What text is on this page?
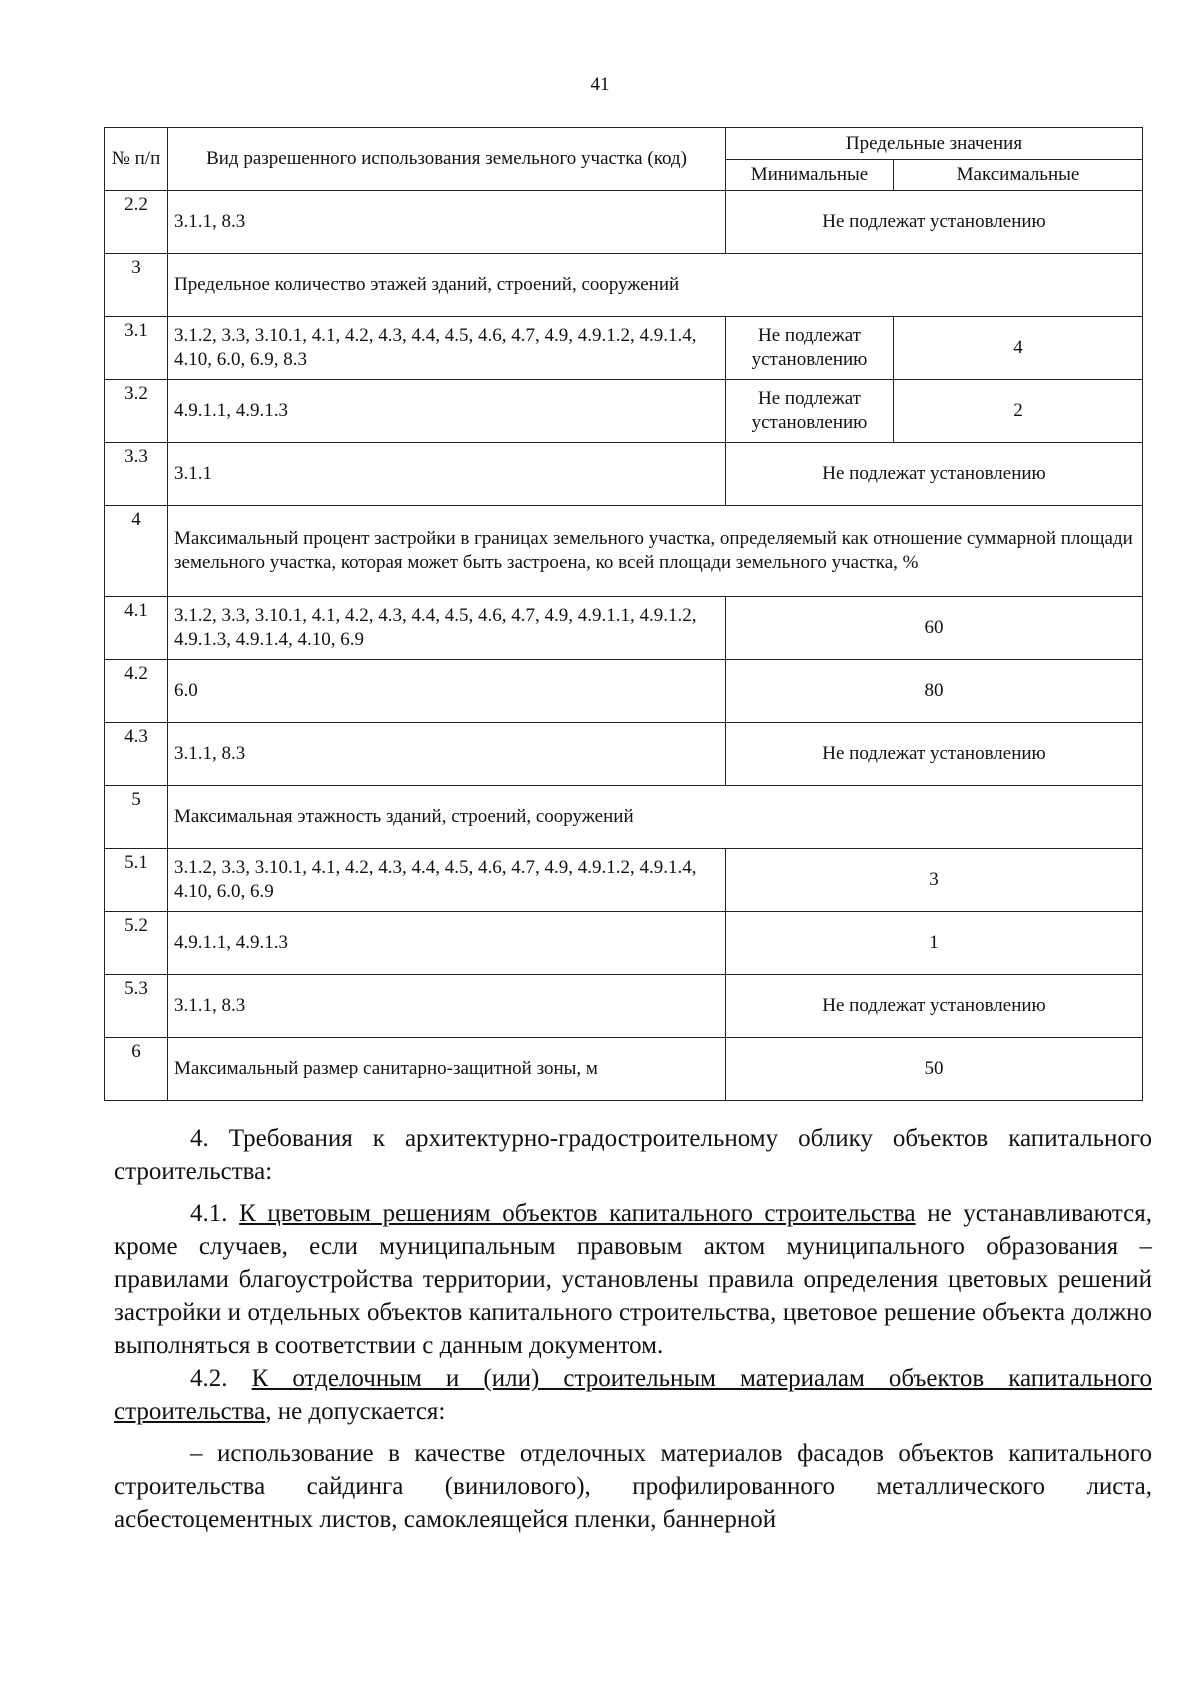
41
№ п/п	Вид разрешенного использования земельного участка (код)	Предельные значения	
		Минимальные	Максимальные
2.2	3.1.1, 8.3	Не подлежат установлению	
3	Предельное количество этажей зданий, строений, сооружений		
3.1	3.1.2, 3.3, 3.10.1, 4.1, 4.2, 4.3, 4.4, 4.5, 4.6, 4.7, 4.9, 4.9.1.2, 4.9.1.4, 4.10, 6.0, 6.9, 8.3	Не подлежат установлению	4
3.2	4.9.1.1, 4.9.1.3	Не подлежат установлению	2
3.3	3.1.1	Не подлежат установлению	
4	Максимальный процент застройки в границах земельного участка, определяемый как отношение суммарной площади земельного участка, которая может быть застроена, ко всей площади земельного участка, %		
4.1	3.1.2, 3.3, 3.10.1, 4.1, 4.2, 4.3, 4.4, 4.5, 4.6, 4.7, 4.9, 4.9.1.1, 4.9.1.2, 4.9.1.3, 4.9.1.4, 4.10, 6.9	60	
4.2	6.0	80	
4.3	3.1.1, 8.3	Не подлежат установлению	
5	Максимальная этажность зданий, строений, сооружений		
5.1	3.1.2, 3.3, 3.10.1, 4.1, 4.2, 4.3, 4.4, 4.5, 4.6, 4.7, 4.9, 4.9.1.2, 4.9.1.4, 4.10, 6.0, 6.9	3	
5.2	4.9.1.1, 4.9.1.3	1	
5.3	3.1.1, 8.3	Не подлежат установлению	
6	Максимальный размер санитарно-защитной зоны, м	50	

4. Требования к архитектурно-градостроительному облику объектов капитального строительства:

4.1. К цветовым решениям объектов капитального строительства не устанавливаются, кроме случаев, если муниципальным правовым актом муниципального образования – правилами благоустройства территории, установлены правила определения цветовых решений застройки и отдельных объектов капитального строительства, цветовое решение объекта должно выполняться в соответствии с данным документом.

4.2. К отделочным и (или) строительным материалам объектов капитального строительства, не допускается:

– использование в качестве отделочных материалов фасадов объектов капитального строительства сайдинга (винилового), профилированного металлического листа, асбестоцементных листов, самоклеящейся пленки, баннерной
